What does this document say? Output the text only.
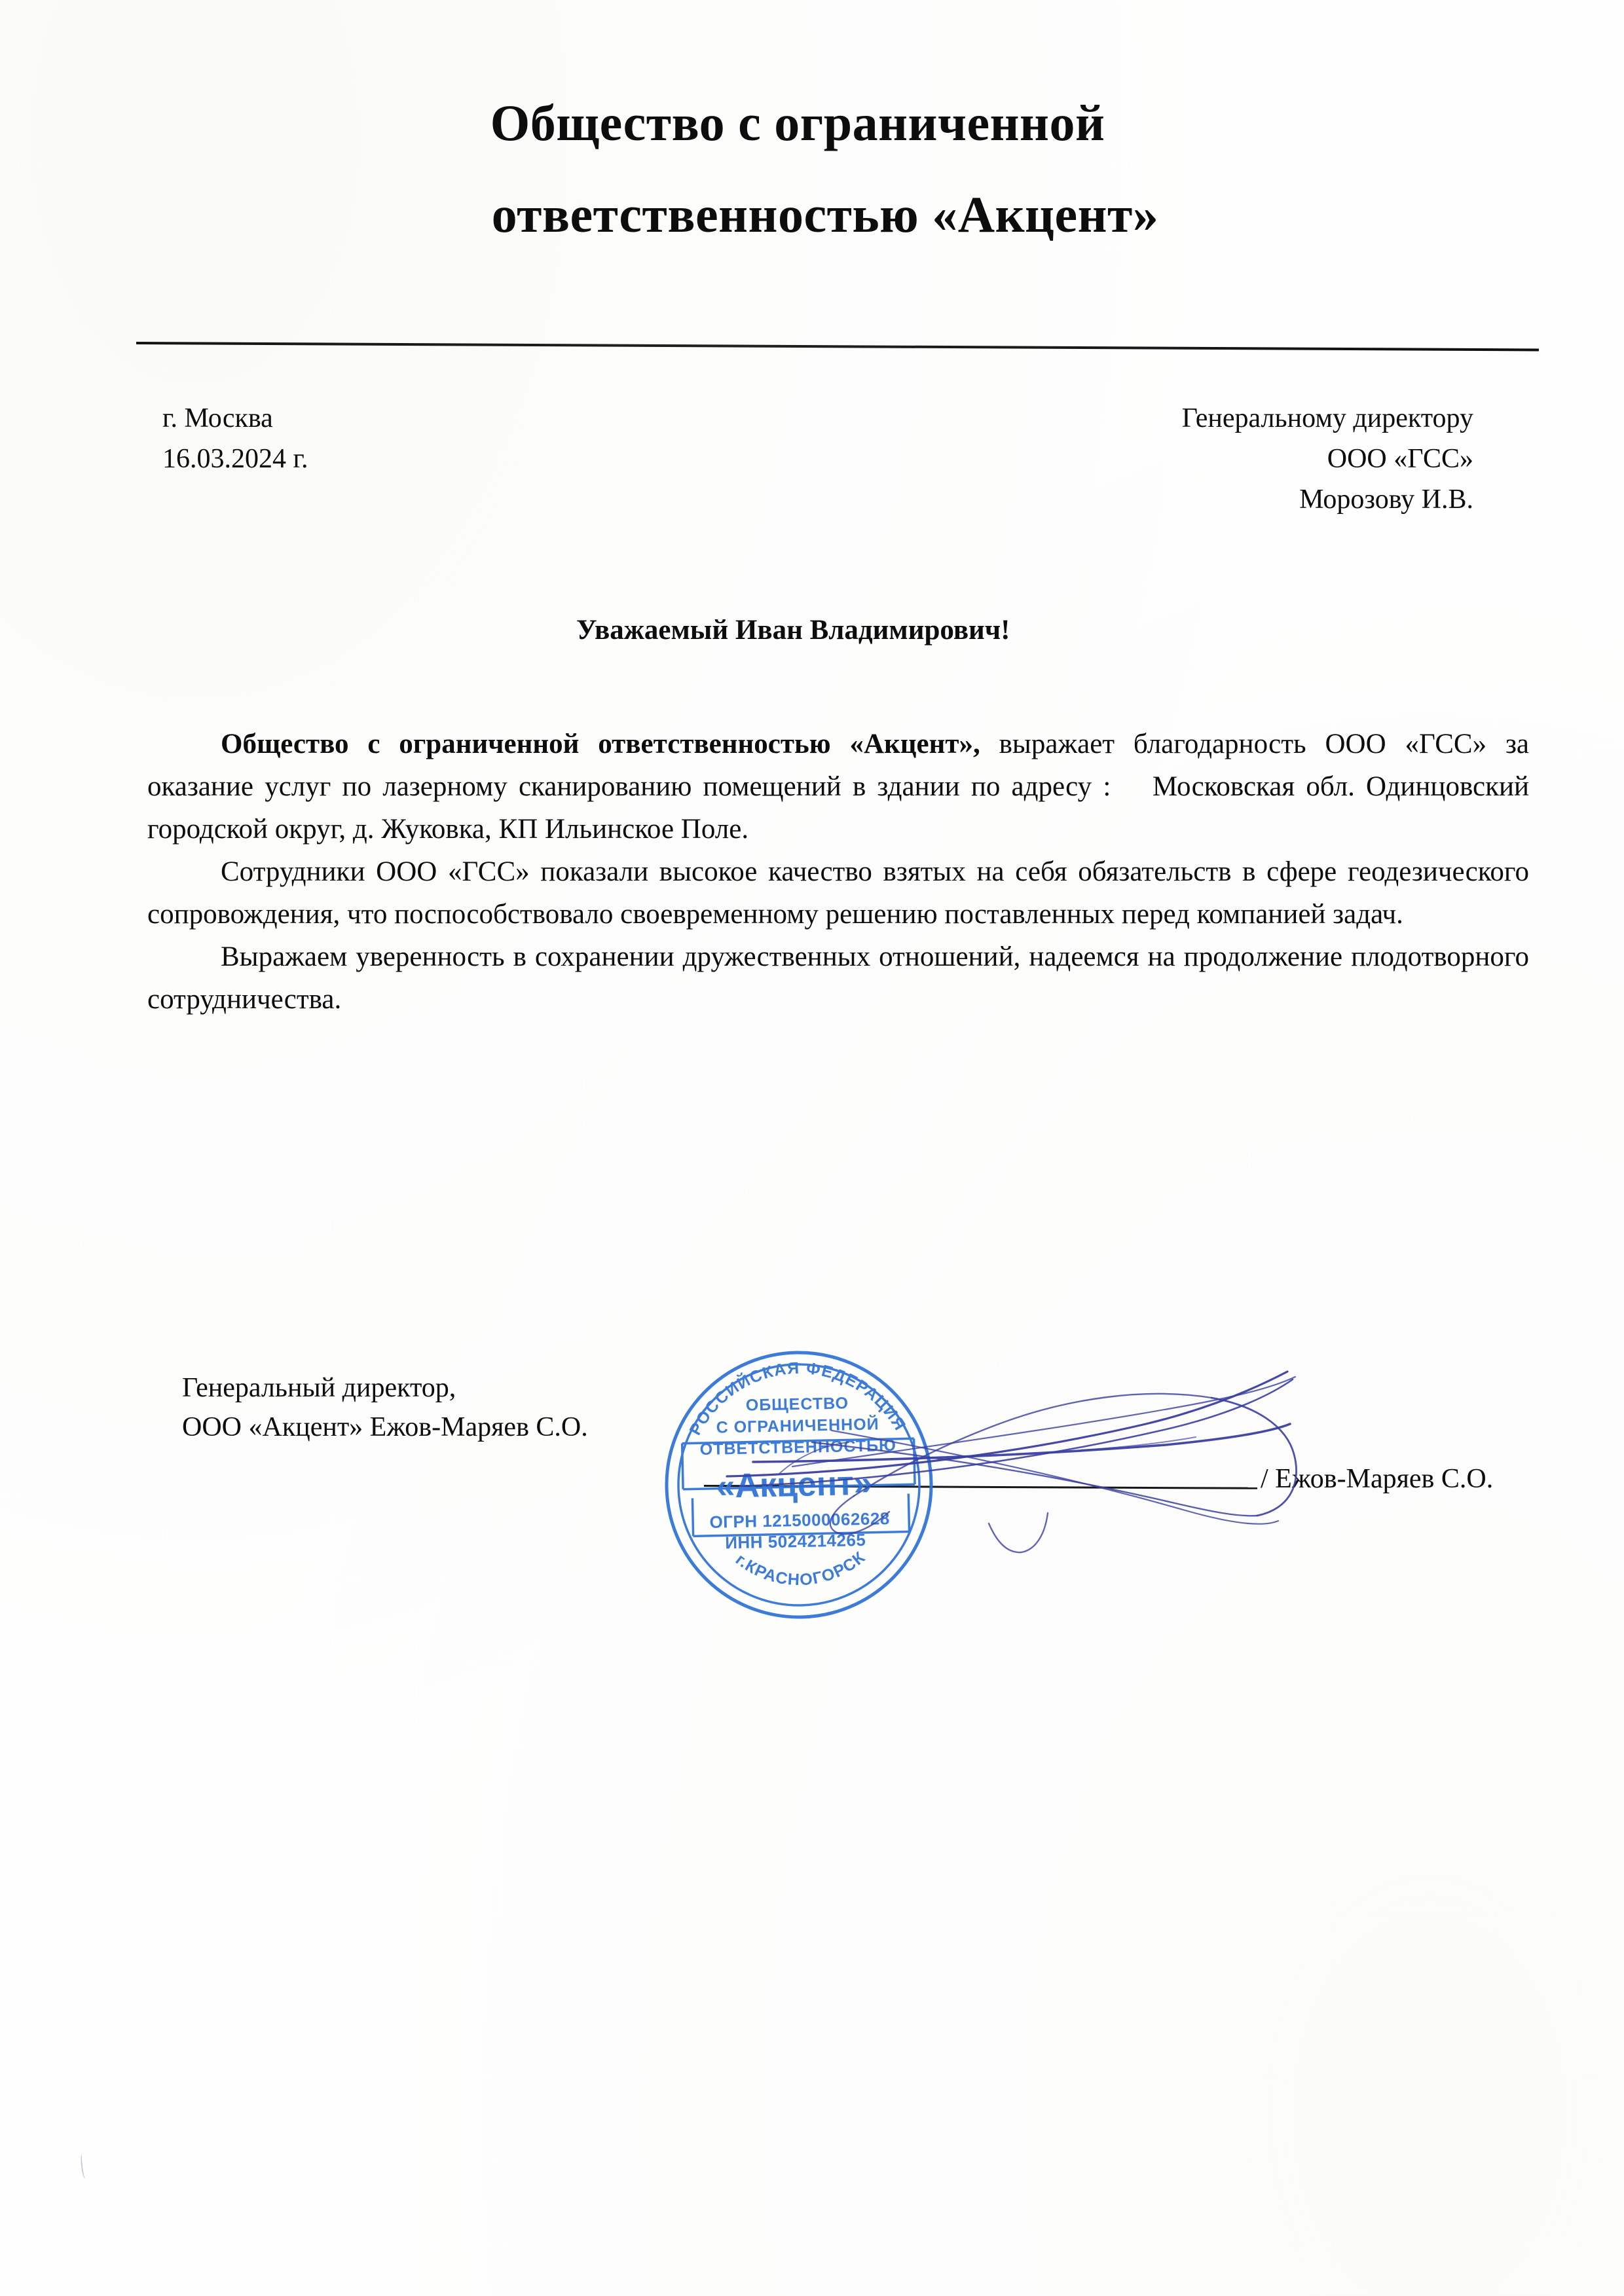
Общество с ограниченной
ответственностью «Акцент»
г. Москва
16.03.2024 г.
Генеральному директору
ООО «ГСС»
Морозову И.В.
Уважаемый Иван Владимирович!

Общество с ограниченной ответственностью «Акцент», выражает благодарность ООО «ГСС» за оказание услуг по лазерному сканированию помещений в здании по адресу : Московская обл. Одинцовский городской округ, д. Жуковка, КП Ильинское Поле.

Сотрудники ООО «ГСС» показали высокое качество взятых на себя обязательств в сфере геодезического сопровождения, что поспособствовало своевременному решению поставленных перед компанией задач.

Выражаем уверенность в сохранении дружественных отношений, надеемся на продолжение плодотворного сотрудничества.

Генеральный директор,
ООО «Акцент» Ежов-Маряев С.О.
/ Ежов-Маряев С.О.
РОССИЙСКАЯ ФЕДЕРАЦИЯ
г.КРАСНОГОРСК
ОБЩЕСТВО
С ОГРАНИЧЕННОЙ
ОТВЕТСТВЕННОСТЬЮ
«Акцент»
ОГРН 1215000062628
ИНН 5024214265
